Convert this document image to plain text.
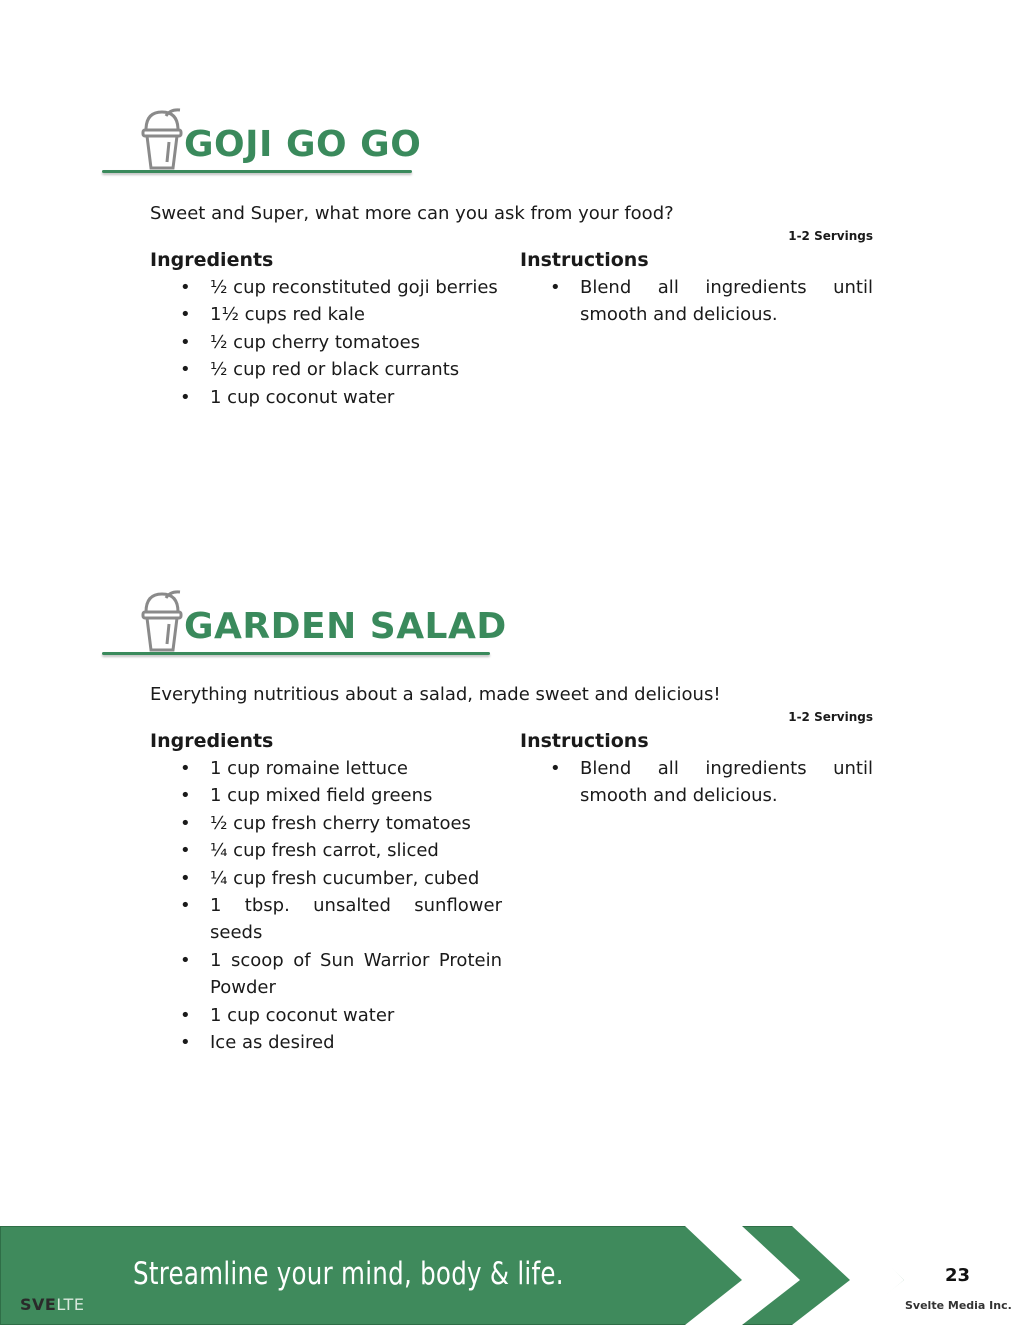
GOJI GO GO

Sweet and Super, what more can you ask from your food?

1-2 Servings
Ingredients	Instructions
• ½ cup reconstituted goji berries
• 1½ cups red kale
• ½ cup cherry tomatoes
• ½ cup red or black currants
• 1 cup coconut water
• Blend all ingredients until smooth and delicious.
GARDEN SALAD

Everything nutritious about a salad, made sweet and delicious!

1-2 Servings
Ingredients	Instructions
• 1 cup romaine lettuce
• 1 cup mixed field greens
• ½ cup fresh cherry tomatoes
• ¼ cup fresh carrot, sliced
• ¼ cup fresh cucumber, cubed
• 1 tbsp. unsalted sunflower seeds
• 1 scoop of Sun Warrior Protein Powder
• 1 cup coconut water
• Ice as desired
• Blend all ingredients until smooth and delicious.
Streamline your mind, body & life.
SVELTE
23
Svelte Media Inc.
